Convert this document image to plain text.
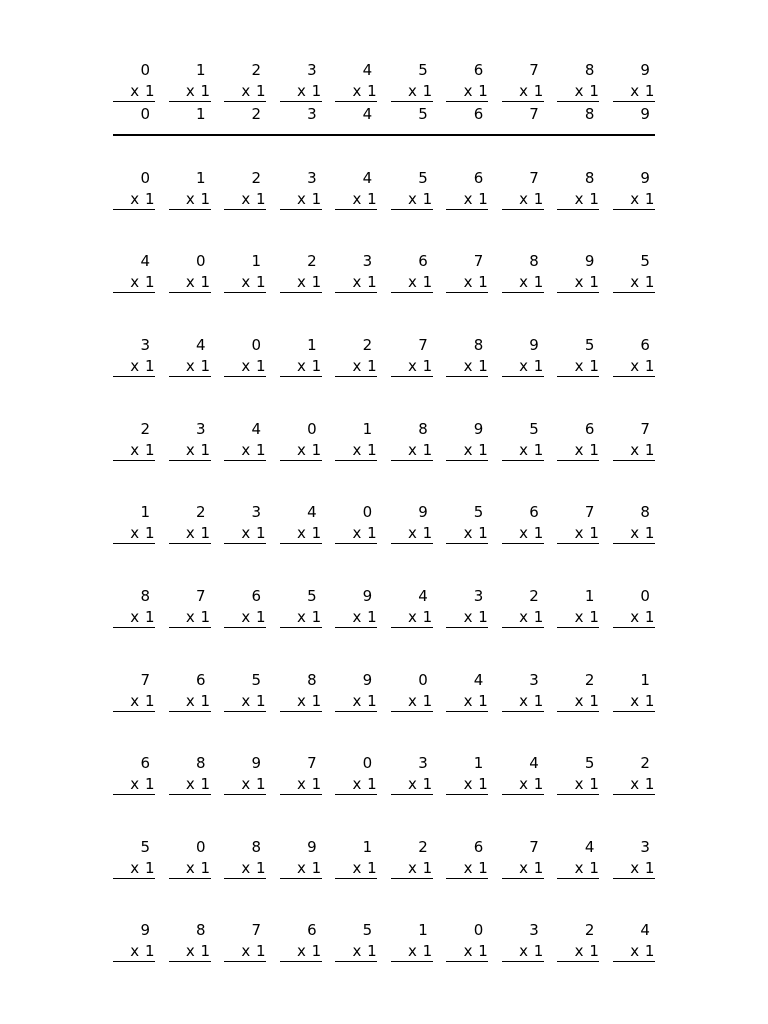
0
x 1
0
1
x 1
1
2
x 1
2
3
x 1
3
4
x 1
4
5
x 1
5
6
x 1
6
7
x 1
7
8
x 1
8
9
x 1
9
0
x 1
1
x 1
2
x 1
3
x 1
4
x 1
5
x 1
6
x 1
7
x 1
8
x 1
9
x 1
4
x 1
0
x 1
1
x 1
2
x 1
3
x 1
6
x 1
7
x 1
8
x 1
9
x 1
5
x 1
3
x 1
4
x 1
0
x 1
1
x 1
2
x 1
7
x 1
8
x 1
9
x 1
5
x 1
6
x 1
2
x 1
3
x 1
4
x 1
0
x 1
1
x 1
8
x 1
9
x 1
5
x 1
6
x 1
7
x 1
1
x 1
2
x 1
3
x 1
4
x 1
0
x 1
9
x 1
5
x 1
6
x 1
7
x 1
8
x 1
8
x 1
7
x 1
6
x 1
5
x 1
9
x 1
4
x 1
3
x 1
2
x 1
1
x 1
0
x 1
7
x 1
6
x 1
5
x 1
8
x 1
9
x 1
0
x 1
4
x 1
3
x 1
2
x 1
1
x 1
6
x 1
8
x 1
9
x 1
7
x 1
0
x 1
3
x 1
1
x 1
4
x 1
5
x 1
2
x 1
5
x 1
0
x 1
8
x 1
9
x 1
1
x 1
2
x 1
6
x 1
7
x 1
4
x 1
3
x 1
9
x 1
8
x 1
7
x 1
6
x 1
5
x 1
1
x 1
0
x 1
3
x 1
2
x 1
4
x 1
